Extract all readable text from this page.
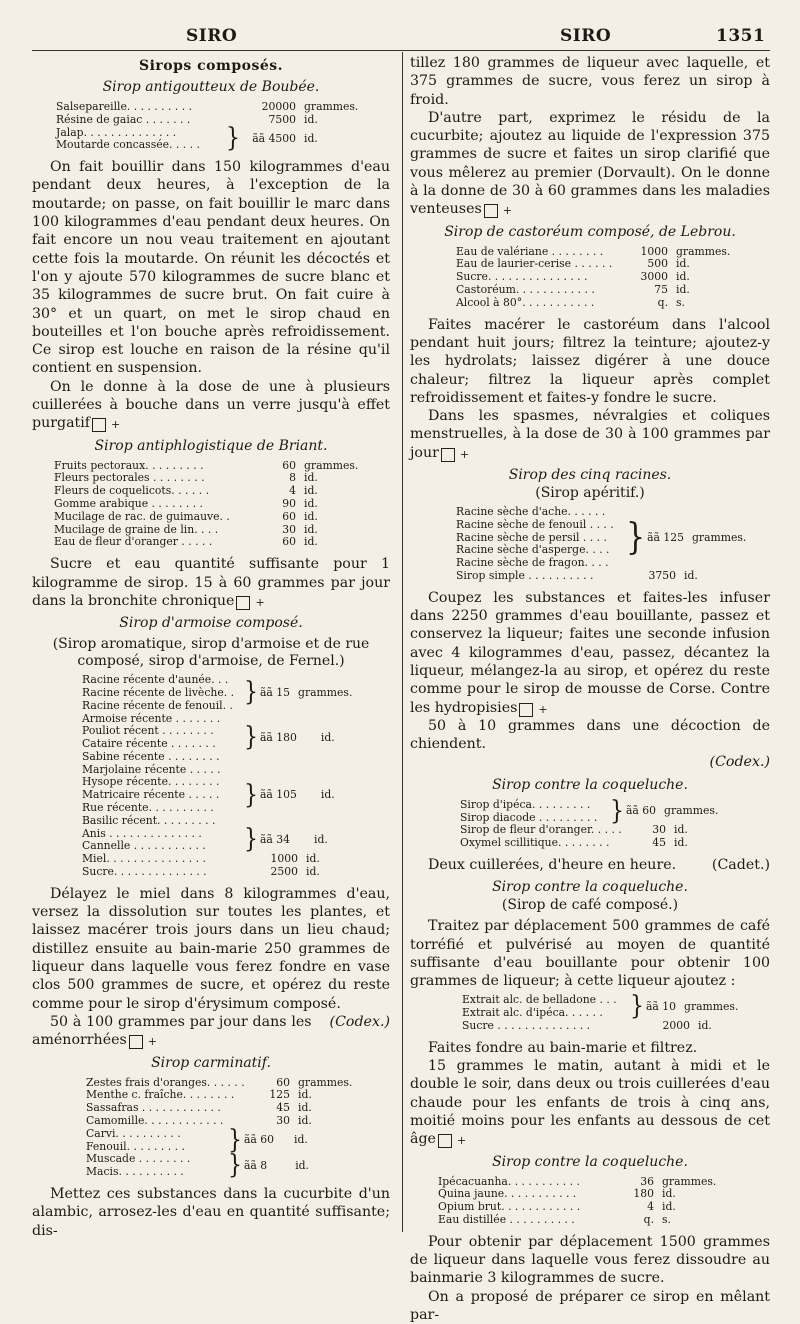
SIRO	SIRO	1351
Sirops composés.
Sirop antigoutteux de Boubée.
Salsepareille. . . . . . . . . .	20000 grammes.
Résine de gaiac . . . . . . .	7500 id.
Jalap. . . . . . . . . . . . . .
Moutarde concassée. . . . .	}	ãã 4500 id.

On fait bouillir dans 150 kilogrammes d'eau pendant deux heures, à l'exception de la moutarde; on passe, on fait bouillir le marc dans 100 kilogrammes d'eau pendant deux heures. On fait encore un nou veau traitement en ajoutant cette fois la moutarde. On réunit les décoctés et l'on y ajoute 570 kilogrammes de sucre blanc et 35 kilogrammes de sucre brut. On fait cuire à 30° et un quart, on met le sirop chaud en bouteilles et l'on bouche après refroidissement. Ce sirop est louche en raison de la résine qu'il contient en suspension.

On le donne à la dose de une à plusieurs cuillerées à bouche dans un verre jusqu'à effet purgatif +

Sirop antiphlogistique de Briant.
Fruits pectoraux. . . . . . . . .	60 grammes.
Fleurs pectorales . . . . . . . .	8 id.
Fleurs de coquelicots. . . . . .	4 id.
Gomme arabique . . . . . . . .	90 id.
Mucilage de rac. de guimauve. .	60 id.
Mucilage de graine de lin. . . .	30 id.
Eau de fleur d'oranger . . . . .	60 id.

Sucre et eau quantité suffisante pour 1 kilogramme de sirop. 15 à 60 grammes par jour dans la bronchite chronique +

Sirop d'armoise composé.
(Sirop aromatique, sirop d'armoise et de rue composé, sirop d'armoise, de Fernel.)
Racine récente d'aunée. . .
Racine récente de livèche. .
Racine récente de fenouil. . } ãã 15 grammes.
Armoise récente . . . . . . .
Pouliot récent . . . . . . . .
Cataire récente . . . . . . .
Sabine récente . . . . . . . .
} ãã 180	id.
Marjolaine récente . . . . .
Hysope récente. . . . . . . .
Matricaire récente . . . . .
Rue récente. . . . . . . . . .
Basilic récent. . . . . . . . .
} ãã 105	id.
Anis . . . . . . . . . . . . . .
Cannelle . . . . . . . . . . .	} ãã 34	id.
Miel. . . . . . . . . . . . . . .	1000 id.
Sucre. . . . . . . . . . . . . .	2500 id.

Délayez le miel dans 8 kilogrammes d'eau, versez la dissolution sur toutes les plantes, et laissez macérer trois jours dans un lieu chaud; distillez ensuite au bain-marie 250 grammes de liqueur dans laquelle vous ferez fondre en vase clos 500 grammes de sucre, et opérez du reste comme pour le sirop d'érysimum composé.
(Codex.)

50 à 100 grammes par jour dans les aménorrhées +

Sirop carminatif.
Zestes frais d'oranges. . . . . .	60 grammes.
Menthe c. fraîche. . . . . . . .	125 id.
Sassafras . . . . . . . . . . . .	45 id.
Camomille. . . . . . . . . . . .	30 id.
Carvi. . . . . . . . . .
Fenouil. . . . . . . . .	} ãã 60	id.
Muscade . . . . . . . .
Macis. . . . . . . . . .	} ãã 8	id.

Mettez ces substances dans la cucurbite d'un alambic, arrosez-les d'eau en quantité suffisante; dis-

tillez 180 grammes de liqueur avec laquelle, et 375 grammes de sucre, vous ferez un sirop à froid.

D'autre part, exprimez le résidu de la cucurbite; ajoutez au liquide de l'expression 375 grammes de sucre et faites un sirop clarifié que vous mêlerez au premier (Dorvault). On le donne à la donne de 30 à 60 grammes dans les maladies venteuses +

Sirop de castoréum composé, de Lebrou.
Eau de valériane . . . . . . . .	1000 grammes.
Eau de laurier-cerise . . . . . .	500 id.
Sucre. . . . . . . . . . . . . . .	3000 id.
Castoréum. . . . . . . . . . . .	75 id.
Alcool à 80°. . . . . . . . . . .	q. s.

Faites macérer le castoréum dans l'alcool pendant huit jours; filtrez la teinture; ajoutez-y les hydrolats; laissez digérer à une douce chaleur; filtrez la liqueur après complet refroidissement et faites-y fondre le sucre.

Dans les spasmes, névralgies et coliques menstruelles, à la dose de 30 à 100 grammes par jour +

Sirop des cinq racines.
(Sirop apéritif.)
Racine sèche d'ache. . . . . .
Racine sèche de fenouil . . . .
Racine sèche de persil . . . .
Racine sèche d'asperge. . . .
Racine sèche de fragon. . . .
} ãã 125 grammes.
Sirop simple . . . . . . . . . .	3750 id.

Coupez les substances et faites-les infuser dans 2250 grammes d'eau bouillante, passez et conservez la liqueur; faites une seconde infusion avec 4 kilogrammes d'eau, passez, décantez la liqueur, mélangez-la au sirop, et opérez du reste comme pour le sirop de mousse de Corse. Contre les hydropisies +

50 à 10 grammes dans une décoction de chiendent.

(Codex.)
Sirop contre la coqueluche.
Sirop d'ipéca. . . . . . . . .
Sirop diacode . . . . . . . . . } ãã 60 grammes.
Sirop de fleur d'oranger. . . . .	30 id.
Oxymel scillitique. . . . . . . .	45 id.

Deux cuillerées, d'heure en heure.	(Cadet.)

Sirop contre la coqueluche.
(Sirop de café composé.)

Traitez par déplacement 500 grammes de café torréfié et pulvérisé au moyen de quantité suffisante d'eau bouillante pour obtenir 100 grammes de liqueur; à cette liqueur ajoutez :

Extrait alc. de belladone . . .
Extrait alc. d'ipéca. . . . . .	} ãã 10 grammes.
Sucre . . . . . . . . . . . . . .	2000 id.

Faites fondre au bain-marie et filtrez.

15 grammes le matin, autant à midi et le double le soir, dans deux ou trois cuillerées d'eau chaude pour les enfants de trois à cinq ans, moitié moins pour les enfants au dessous de cet âge +

Sirop contre la coqueluche.
Ipécacuanha. . . . . . . . . . .	36 grammes.
Quina jaune. . . . . . . . . . .	180 id.
Opium brut. . . . . . . . . . . .	4 id.
Eau distillée . . . . . . . . . .	q. s.

Pour obtenir par déplacement 1500 grammes de liqueur dans laquelle vous ferez dissoudre au bainmarie 3 kilogrammes de sucre.

On a proposé de préparer ce sirop en mêlant par-
